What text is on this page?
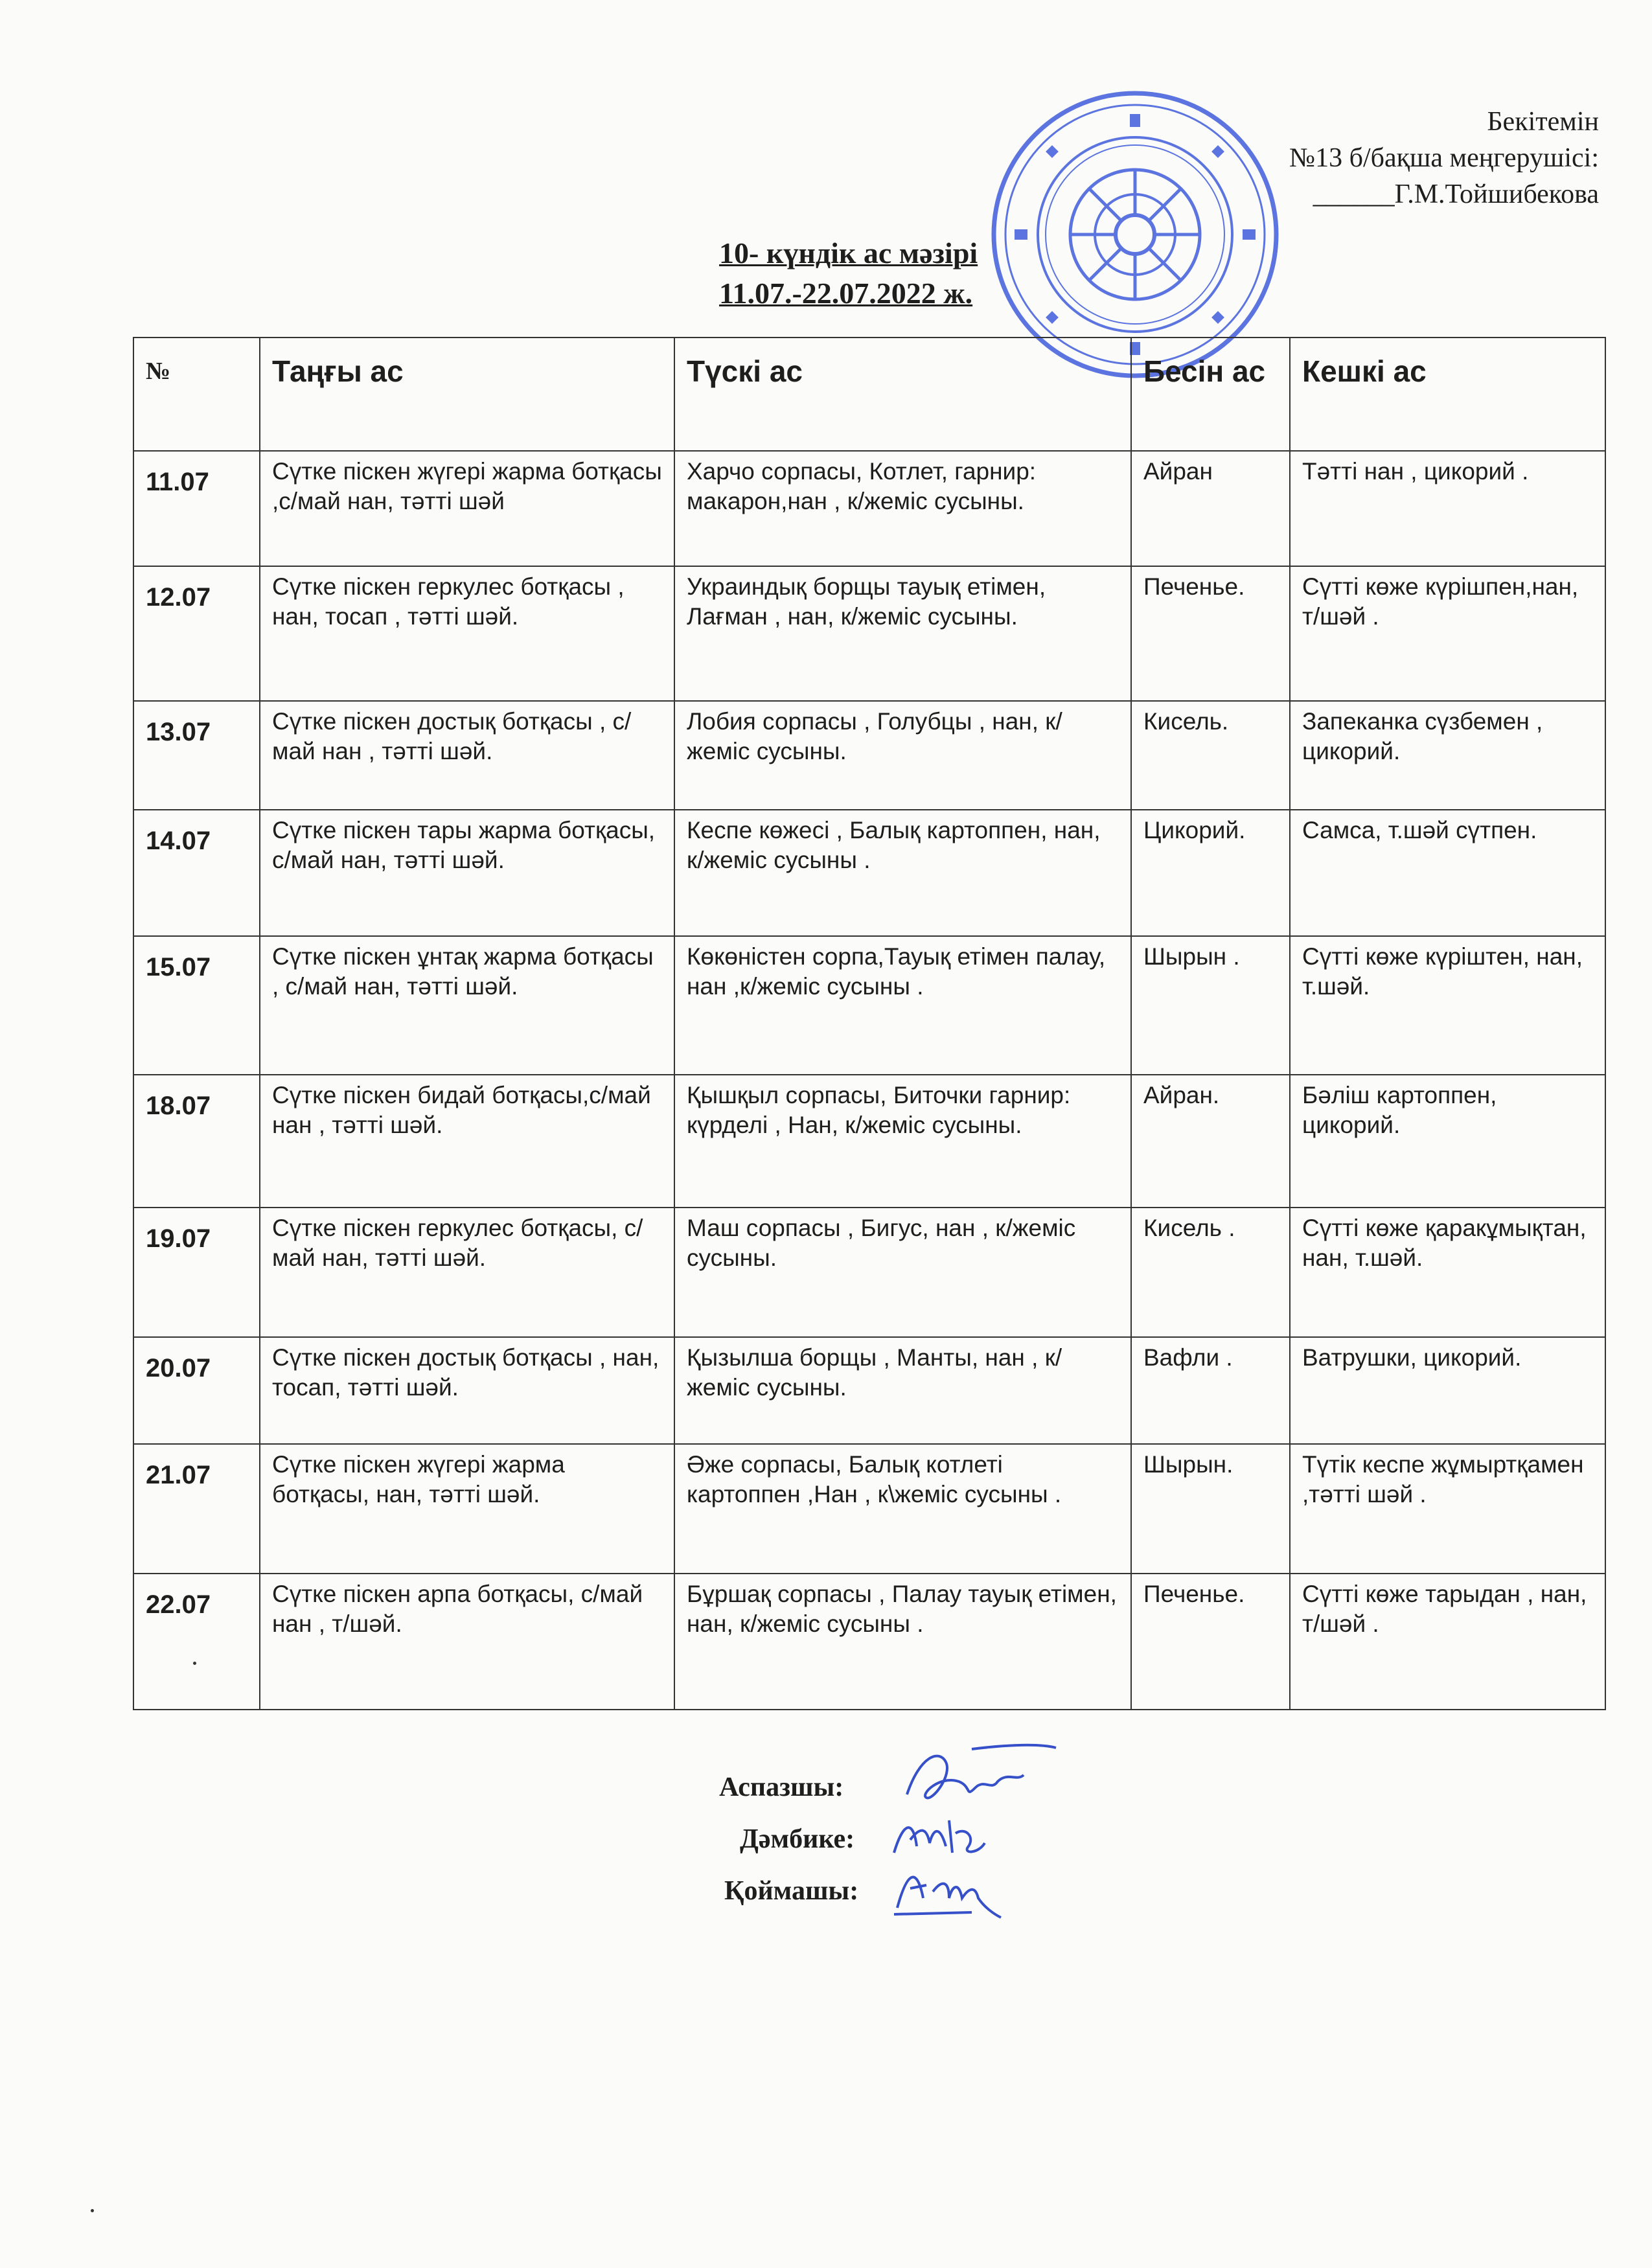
Бекітемін
№13 б/бақша меңгерушісі:
______Г.М.Тойшибекова
10- күндік ас мәзірі
11.07.-22.07.2022 ж.
№	Таңғы ас	Түскі ас	Бесін ас	Кешкі ас
11.07	Сүтке піскен жүгері жарма ботқасы ,с/май нан, тәтті шәй	Харчо сорпасы, Котлет, гарнир: макарон,нан , к/жеміс сусыны.	Айран	Тәтті нан , цикорий .
12.07	Сүтке піскен геркулес ботқасы , нан, тосап , тәтті шәй.	Украиндық борщы тауық етімен, Лағман , нан, к/жеміс сусыны.	Печенье.	Сүтті көже күрішпен,нан, т/шәй .
13.07	Сүтке піскен достық ботқасы , с/май нан , тәтті шәй.	Лобия сорпасы , Голубцы , нан, к/ жеміс сусыны.	Кисель.	Запеканка сүзбемен , цикорий.
14.07	Сүтке піскен тары жарма ботқасы, с/май нан, тәтті шәй.	Кеспе көжесі , Балық картоппен, нан, к/жеміс сусыны .	Цикорий.	Самса, т.шәй сүтпен.
15.07	Сүтке піскен ұнтақ жарма ботқасы , с/май нан, тәтті шәй.	Көкөністен сорпа,Тауық етімен палау, нан ,к/жеміс сусыны .	Шырын .	Сүтті көже күріштен, нан, т.шәй.
18.07	Сүтке піскен бидай ботқасы,с/май нан , тәтті шәй.	Қышқыл сорпасы, Биточки гарнир: күрделі , Нан, к/жеміс сусыны.	Айран.	Бәліш картоппен, цикорий.
19.07	Сүтке піскен геркулес ботқасы, с/май нан, тәтті шәй.	Маш сорпасы , Бигус, нан , к/жеміс сусыны.	Кисель .	Сүтті көже қаракұмықтан, нан, т.шәй.
20.07	Сүтке піскен достық ботқасы , нан, тосап, тәтті шәй.	Қызылша борщы , Манты, нан , к/жеміс сусыны.	Вафли .	Ватрушки, цикорий.
21.07	Сүтке піскен жүгері жарма ботқасы, нан, тәтті шәй.	Әже сорпасы, Балық котлеті картоппен ,Нан , к\жеміс сусыны .	Шырын.	Түтік кеспе жұмыртқамен ,тәтті шәй .
22.07	Сүтке піскен арпа ботқасы, с/май нан , т/шәй.	Бұршақ сорпасы , Палау тауық етімен, нан, к/жеміс сусыны .	Печенье.	Сүтті көже тарыдан , нан, т/шәй .
Аспазшы:
Дәмбике:
Қоймашы:
